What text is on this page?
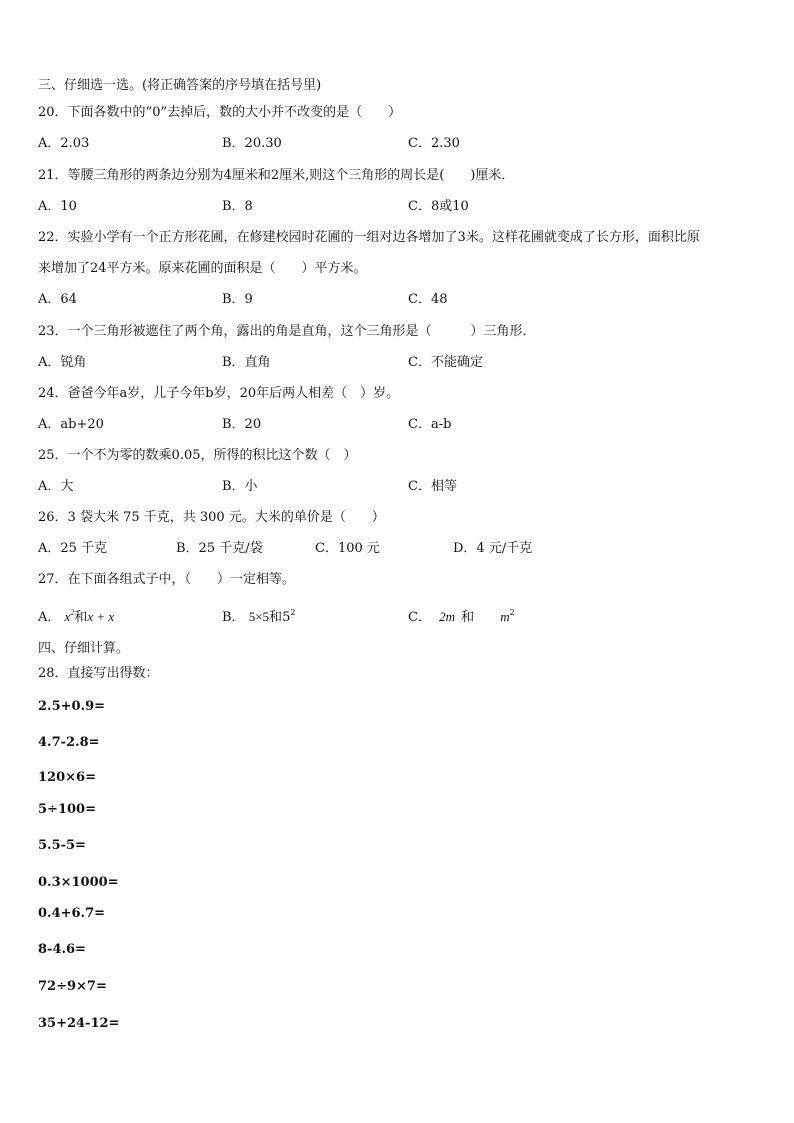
三、仔细选一选。(将正确答案的序号填在括号里)
20．下面各数中的“0”去掉后，数的大小并不改变的是（　　）
A．2.03	B．20.30	C．2.30
21．等腰三角形的两条边分别为4厘米和2厘米,则这个三角形的周长是(　　)厘米．
A．10	B．8	C．8或10
22．实验小学有一个正方形花圃，在修建校园时花圃的一组对边各增加了3米。这样花圃就变成了长方形，面积比原
来增加了24平方米。原来花圃的面积是（　　）平方米。
A．64	B．9	C．48
23．一个三角形被遮住了两个角，露出的角是直角，这个三角形是（　　　）三角形．
A．锐角	B．直角	C．不能确定
24．爸爸今年a岁，儿子今年b岁，20年后两人相差（　）岁。
A．ab+20	B．20	C．a-b
25．一个不为零的数乘0.05，所得的积比这个数（　）
A．大	B．小	C．相等
26．3 袋大米 75 千克，共 300 元。大米的单价是（　　）
A．25 千克	B．25 千克/袋	C．100 元	D．4 元/千克
27．在下面各组式子中，（　　）一定相等。
A． $x^2$和x + x	B． 5×5和$5^2$	C． 2m 和 $m^2$
四、仔细计算。
28．直接写出得数：
2.5+0.9=
4.7-2.8=
120×6=
5÷100=
5.5-5=
0.3×1000=
0.4+6.7=
8-4.6=
72÷9×7=
35+24-12=
